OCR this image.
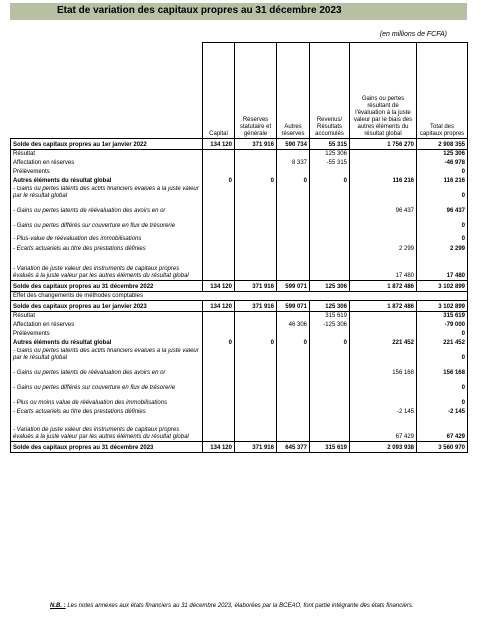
Etat de variation des capitaux propres au 31 décembre 2023
(en millions de FCFA)
	Capital	Réserves statutaire et générale	Autres réserves	Revenus/ Résultats accumulés	Gains ou pertes résultant de l'évaluation à la juste valeur par le biais des autres éléments du résultat global	Total des capitaux propres
Solde des capitaux propres au 1er janvier 2022	134 120	371 916	590 734	55 315	1 756 270	2 908 355
Résultat				125 306		125 306
Affectation en réserves			8 337	-55 315		-46 978
Prélèvements						0
Autres éléments du résultat global	0	0	0	0	116 216	116 216
- Gains ou pertes latents des actifs financiers évalués à la juste valeur par le résultat global						0
- Gains ou pertes latents de réévaluation des avoirs en or					96 437	96 437
- Gains ou pertes différés sur couverture en flux de trésorerie						0
- Plus-value de réévaluation des immobilisations						0
- Ecarts actuariels au titre des prestations définies					2 299	2 299
- Variation de juste valeur des instruments de capitaux propres évalués à la juste valeur par les autres éléments du résultat global					17 480	17 480
Solde des capitaux propres au 31 décembre 2022	134 120	371 916	599 071	125 306	1 872 486	3 102 899
Effet des changements de méthodes comptables						
Solde des capitaux propres au 1er janvier 2023	134 120	371 916	599 071	125 306	1 872 486	3 102 899
Résultat				315 619		315 619
Affectation en réserves			46 306	-125 306		-79 000
Prélèvements						0
Autres éléments du résultat global	0	0	0	0	221 452	221 452
- Gains ou pertes latents des actifs financiers évalués à la juste valeur par le résultat global						0
- Gains ou pertes latents de réévaluation des avoirs en or					156 168	156 168
- Gains ou pertes différés sur couverture en flux de trésorerie						0
- Plus ou moins value de réévaluation des immobilisations						0
- Ecarts actuariels au titre des prestations définies					-2 145	-2 145
- Variation de juste valeur des instruments de capitaux propres évalués à la juste valeur par les autres éléments du résultat global					67 429	67 429
Solde des capitaux propres au 31 décembre 2023	134 120	371 916	645 377	315 619	2 093 938	3 560 970
N.B. : Les notes annexes aux états financiers au 31 décembre 2023, élaborées par la BCEAO, font partie intégrante des états financiers.
